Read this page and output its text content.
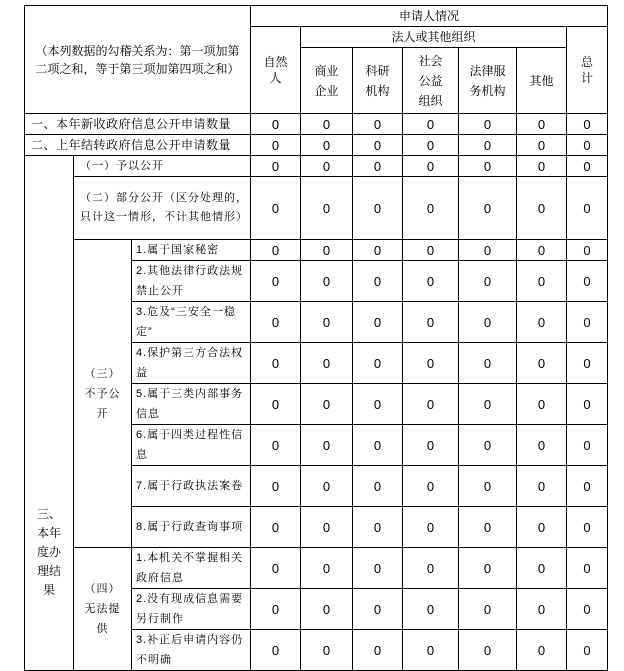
（本列数据的勾稽关系为：第一项加第二项之和，等于第三项加第四项之和）			申请人情况						
			自然人	法人或其他组织					总计
				商业企业	科研机构	社会公益组织	法律服务机构	其他	
一、本年新收政府信息公开申请数量			0	0	0	0	0	0	0
二、上年结转政府信息公开申请数量			0	0	0	0	0	0	0
三、本年度办理结果	（一）予以公开		0	0	0	0	0	0	0
	（二）部分公开（区分处理的，只计这一情形，不计其他情形）		0	0	0	0	0	0	0
	（三）不予公开	1.属于国家秘密	0	0	0	0	0	0	0
		2.其他法律行政法规禁止公开	0	0	0	0	0	0	0
		3.危及“三安全一稳定”	0	0	0	0	0	0	0
		4.保护第三方合法权益	0	0	0	0	0	0	0
		5.属于三类内部事务信息	0	0	0	0	0	0	0
		6.属于四类过程性信息	0	0	0	0	0	0	0
		7.属于行政执法案卷	0	0	0	0	0	0	0
		8.属于行政查询事项	0	0	0	0	0	0	0
	（四）无法提供	1.本机关不掌握相关政府信息	0	0	0	0	0	0	0
		2.没有现成信息需要另行制作	0	0	0	0	0	0	0
		3.补正后申请内容仍不明确	0	0	0	0	0	0	0
